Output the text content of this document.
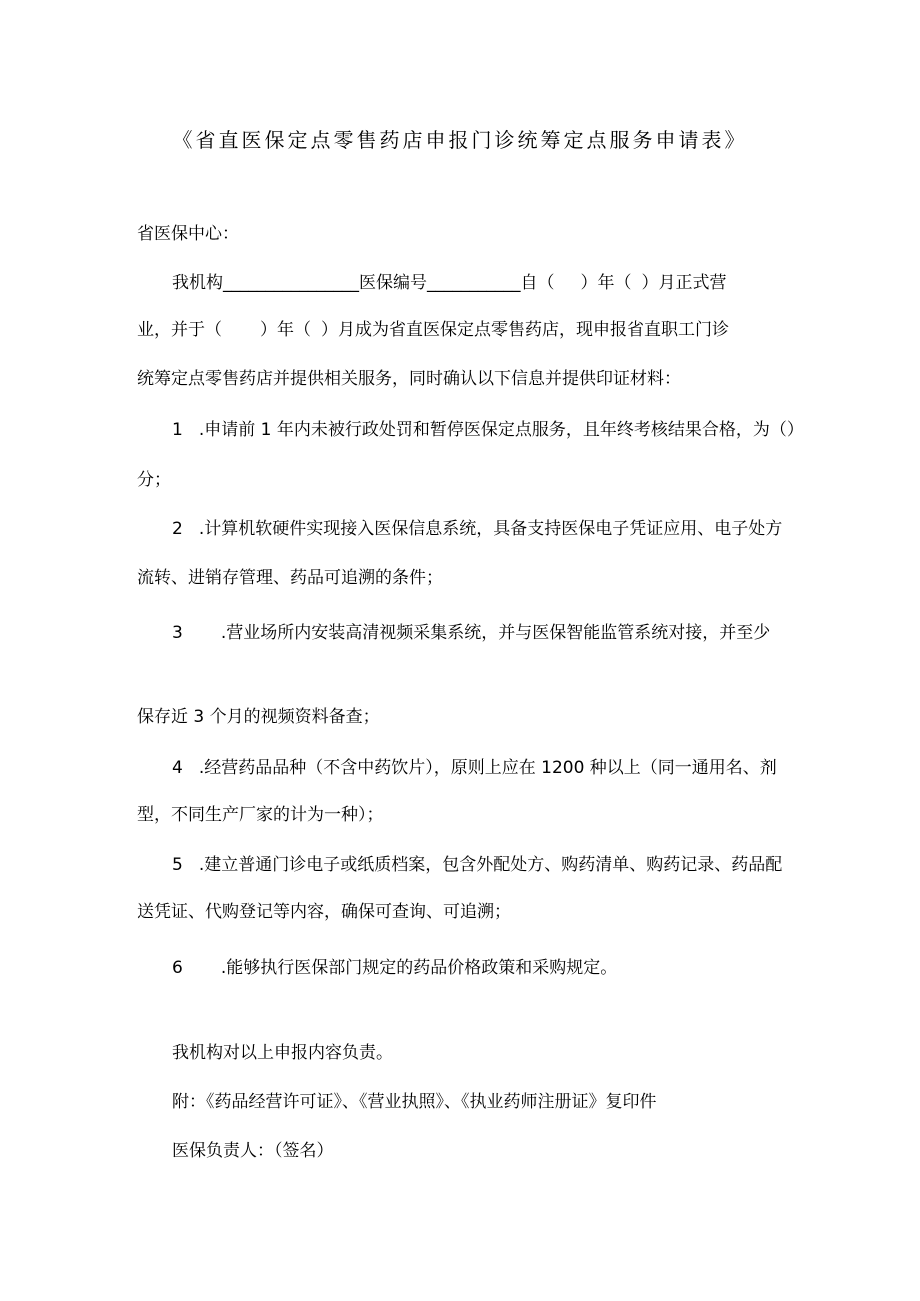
《省直医保定点零售药店申报门诊统筹定点服务申请表》
省医保中心：
我机构________________医保编号___________自（ ）年（ ）月正式营
业，并于（ ）年（ ）月成为省直医保定点零售药店，现申报省直职工门诊
统筹定点零售药店并提供相关服务，同时确认以下信息并提供印证材料：
1 .申请前 1 年内未被行政处罚和暂停医保定点服务，且年终考核结果合格，为（）
分；
2 .计算机软硬件实现接入医保信息系统，具备支持医保电子凭证应用、电子处方
流转、进销存管理、药品可追溯的条件；
3 .营业场所内安装高清视频采集系统，并与医保智能监管系统对接，并至少
保存近 3 个月的视频资料备查；
4 .经营药品品种（不含中药饮片），原则上应在 1200 种以上（同一通用名、剂
型，不同生产厂家的计为一种）；
5 .建立普通门诊电子或纸质档案，包含外配处方、购药清单、购药记录、药品配
送凭证、代购登记等内容，确保可查询、可追溯；
6 .能够执行医保部门规定的药品价格政策和采购规定。
我机构对以上申报内容负责。
附：《药品经营许可证》、《营业执照》、《执业药师注册证》复印件
医保负责人：（签名）
